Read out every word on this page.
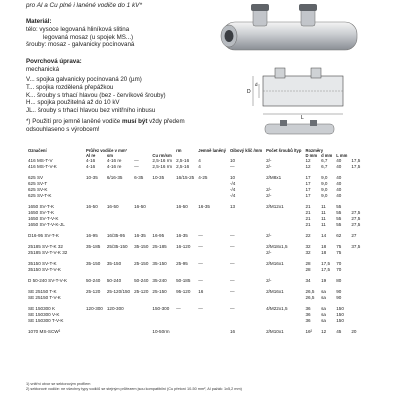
pro Al a Cu plné i lanéné vodiče do 1 kV*
Materiál:
télo: vysoce legovaná hliníková slitina
legovaná mosaz (u spojek MS...)
šrouby: mosaz - galvanicky pocínovaná
Povrchová úprava:
mechanická
V... spojka galvanicky pocínovaná 20 (µm)
T... spojka rozdělená přepážkou
K... šrouby s trhací hlavou (bez - červíkové šrouby)
H... spojka použitelná až do 10 kV
JL.. šrouby s trhací hlavou bez vnitřního inbusu
*) Použití pro jemně laněné vodiče musí být vždy předem odsouhlaseno s výrobcem!
D
d
L
Označení	Průřez vodiče v mm²				rm	Jemně laněný	Oibový klíč /mm	Počet šroubů /typ	Rozměry			
	Al re	sm		Cu rm/sm					D mm	d mm	L mm	
416 MS-T-V	4-16	4-16 re	—	2,5-16 rm	2,5-16	4	10	2/-	12	6,7	40	17,5
416 MS-T-V-K	4-16	4-16 re	—	2,5-16 rm	2,5-16	4	—	2/-	12	6,7	40	17,5
625 SV	10-35	6/16-35	6-35	10-35	16/15-25	4-25	10	2/M8x1	17	9,0	40	
625 SV-T							-/4		17	9,0	40	
625 SV-K							-/4	2/-	17	9,0	40	
625 SV-T-K							-/4	2/-	17	9,0	40	
1650 SV-T-K	16-50	16-50	16-50		16-50	16-35	13	2/M12x1	21	11	55	
1650 SV-T-K									21	11	55	27,5
1650 SV-T-V-K									21	11	55	27,5
1650 SV-T-V-K-JL									21	11	55	27,5
D16-95 SV-T-K	16-95	16/35-95	16-35	16-95	16-35	—	—	2/-	22	14	62	27
25185 SV-T-K 32	35-185	25/35-150	35-150	25-185	16-120	—	—	2/M18x1,5	32	18	75	37,5
25185 SV-T-V-K 32								2/-	32	18	75	
35150 SV-T-K	35-150	35-150	25-150	35-150	25-95	—	—	2/M16x1	28	17,5	70	
35150 SV-T-V-K									28	17,5	70	
D 50-240 SV-T-V-K	50-240	50-240	50-240	35-240	50-185	—	—	2/-	34	19	80	
SE 25150 T-K	25-120	25-120/150	25-120	25-150	95-120	16	—	2/M16x1	26,5	sa	90	
SE 25150 T-V-K									26,5	sa	90	
SE 150300 K	120-300	120-300		150-300	—	—	—	4/M22x1,5	36	sa	150	
SE 150300 V-K									36	sa	150	
SE 150300 T-V-K									36	sa	150	
1070 MS-SCW²				10-50rm			16	2/M10x1	16²	12	45	20
1) vnitřní otvor se sektorovým profilem
2) sektorové vodiče: ne všechny typy vodičů se stejným průřezem jsou kompatibilní (Cu přetoní 10-50 mm², Al pažák: 1x5,2 mm)
